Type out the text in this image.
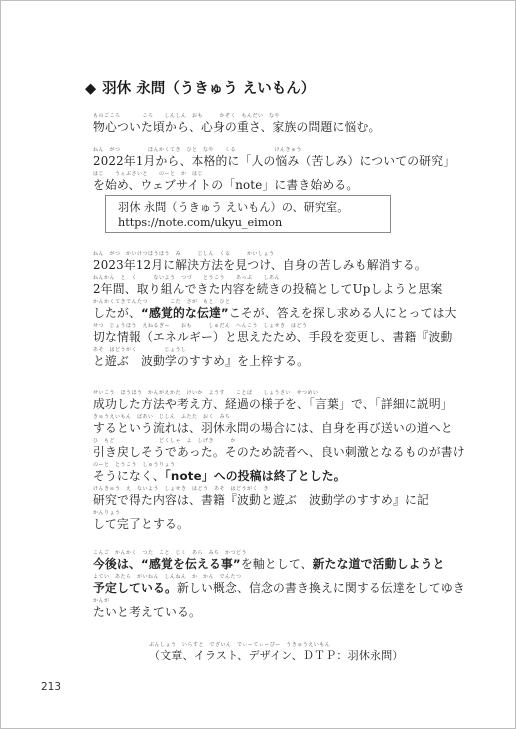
◆ 羽休 永問（うきゅう えいもん）
ものごころ　　　　ころ　　しんしん　おも　　　かぞく　もんだい　なや
物心ついた頃から、心身の重さ、家族の問題に悩む。
ねん　がつ　　　　　ほんかくてき　ひと　なや　　くる　　　　　　　けんきゅう
2022年1月から、本格的に「人の悩み（苦しみ）についての研究」
はじ　　うぇぶさいと　　のーと　か　はじ
を始め、ウェブサイトの「note」に書き始める。
羽休 永問（うきゅう えいもん）の、研究室。
https://note.com/ukyu_eimon
ねん　がつ　かいけつほうほう　み　　　じしん　くる　　　かいしょう
2023年12月に解決方法を見つけ、自身の苦しみも解消する。
ねんかん　と　く　　　ないよう　つづ　　とうこう　　あっぷ　　しあん
2年間、取り組んできた内容を続きの投稿としてUpしようと思案
かんかくてきでんたつ　　　　こた　さが　もと　ひと
したが、“感覚的な伝達”こそが、答えを探し求める人にとっては大
せつ　じょうほう　えねるぎー　　おも　　　しゅだん　へんこう　しょせき　はどう
切な情報（エネルギー）と思えたため、手段を変更し、書籍『波動
あそ　はどうがく　　　　　じょうし
と遊ぶ　波動学のすすめ』を上梓する。
せいこう　ほうほう　かんがえかた　けいか　ようす　　ことば　　しょうさい　せつめい
成功した方法や考え方、経過の様子を、「言葉」で、「詳細に説明」
きゅうえいもん　ばあい　じしん　ふたた　おく　みち
するという流れは、羽休永問の場合には、自身を再び送いの道へと
ひ　もど　　　　　　　　どくしゃ　よ　しげき　　　か
引き戻しそうであった。そのため読者へ、良い刺激となるものが書け
のーと　とうこう　しゅうりょう
そうになく、「note」への投稿は終了とした。
けんきゅう　え　ないよう　しょせき　はどう　あそ　はどうがく　き
研究で得た内容は、書籍『波動と遊ぶ　波動学のすすめ』に記
かんりょう
して完了とする。
こんご　かんかく　つた　こと　じく　あら　みち　かつどう
今後は、“感覚を伝える事”を軸として、新たな道で活動しようと
よてい　あたら　がいねん　しんねん　か　かん　でんたつ
予定している。新しい概念、信念の書き換えに関する伝達をしてゆき
かんが
たいと考えている。
ぶんしょう　いらすと　でざいん　でぃーてぃーぴー　うきゅうえいもん
（文章、イラスト、デザイン、ＤＴＰ：羽休永問）
213
